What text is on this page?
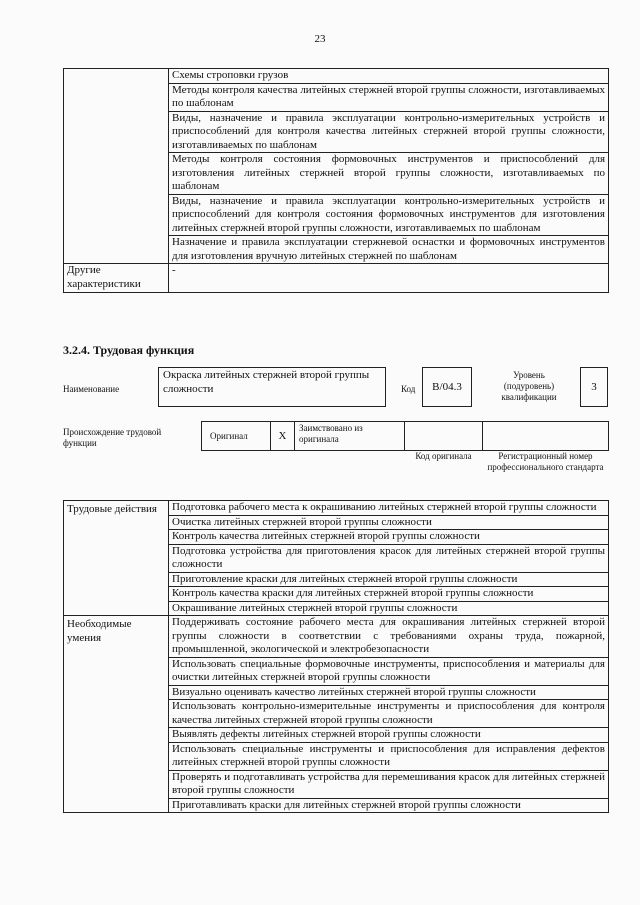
23
	Схемы строповки грузов
	Методы контроля качества литейных стержней второй группы сложности, изготавливаемых по шаблонам
	Виды, назначение и правила эксплуатации контрольно-измерительных устройств и приспособлений для контроля качества литейных стержней второй группы сложности, изготавливаемых по шаблонам
	Методы контроля состояния формовочных инструментов и приспособлений для изготовления литейных стержней второй группы сложности, изготавливаемых по шаблонам
	Виды, назначение и правила эксплуатации контрольно-измерительных устройств и приспособлений для контроля состояния формовочных инструментов для изготовления литейных стержней второй группы сложности, изготавливаемых по шаблонам
	Назначение и правила эксплуатации стержневой оснастки и формовочных инструментов для изготовления вручную литейных стержней по шаблонам
Другие характеристики	-
3.2.4. Трудовая функция
Наименование
Окраска литейных стержней второй группы сложности	Код	B/04.3
Уровень (подуровень) квалификации
3
Происхождение трудовой функции
Оригинал	X
Заимствовано из оригинала
Код оригинала	Регистрационный номер профессионального стандарта
Трудовые действия	Подготовка рабочего места к окрашиванию литейных стержней второй группы сложности
	Очистка литейных стержней второй группы сложности
	Контроль качества литейных стержней второй группы сложности
	Подготовка устройства для приготовления красок для литейных стержней второй группы сложности
	Приготовление краски для литейных стержней второй группы сложности
	Контроль качества краски для литейных стержней второй группы сложности
	Окрашивание литейных стержней второй группы сложности
Необходимые умения	Поддерживать состояние рабочего места для окрашивания литейных стержней второй группы сложности в соответствии с требованиями охраны труда, пожарной, промышленной, экологической и электробезопасности
	Использовать специальные формовочные инструменты, приспособления и материалы для очистки литейных стержней второй группы сложности
	Визуально оценивать качество литейных стержней второй группы сложности
	Использовать контрольно-измерительные инструменты и приспособления для контроля качества литейных стержней второй группы сложности
	Выявлять дефекты литейных стержней второй группы сложности
	Использовать специальные инструменты и приспособления для исправления дефектов литейных стержней второй группы сложности
	Проверять и подготавливать устройства для перемешивания красок для литейных стержней второй группы сложности
	Приготавливать краски для литейных стержней второй группы сложности
